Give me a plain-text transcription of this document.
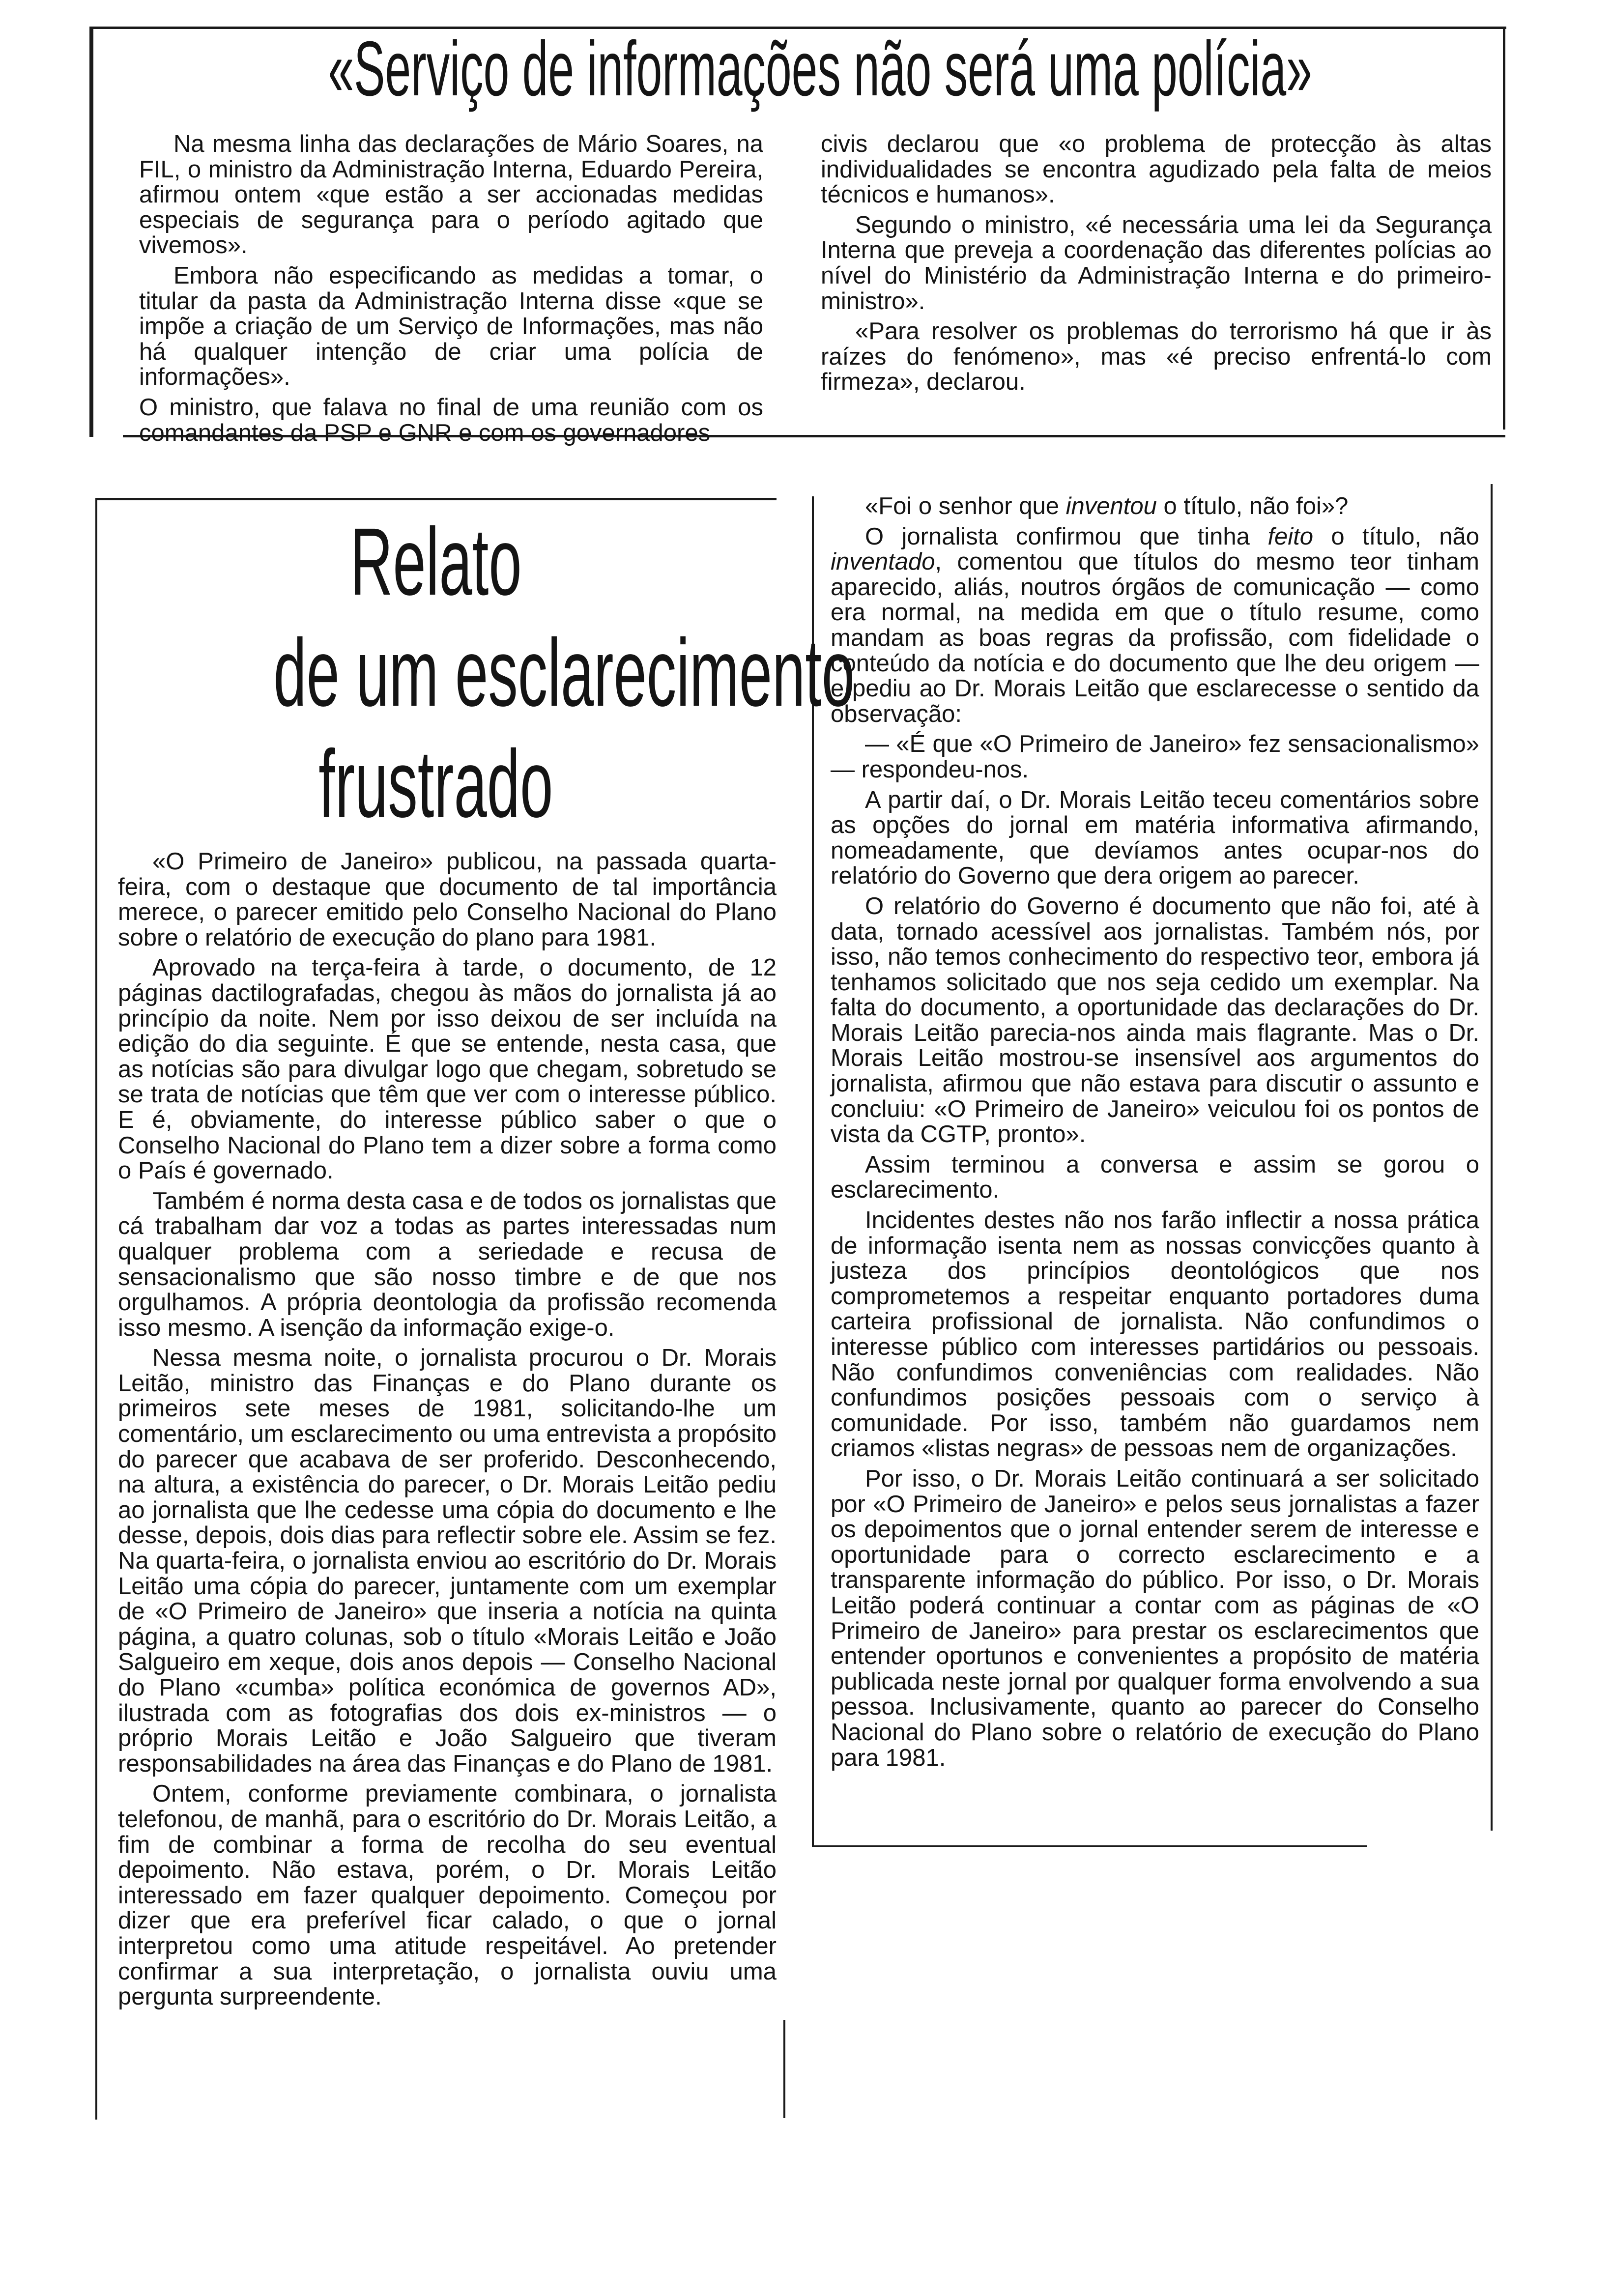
«Serviço de informações não será uma polícia»

Na mesma linha das declarações de Mário Soares, na FIL, o ministro da Administração Interna, Eduardo Pereira, afirmou ontem «que estão a ser accionadas medidas especiais de segurança para o período agitado que vivemos».

Embora não especificando as medidas a tomar, o titular da pasta da Administração Interna disse «que se impõe a criação de um Serviço de Informações, mas não há qualquer intenção de criar uma polícia de informações».

O ministro, que falava no final de uma reunião com os comandantes da PSP e GNR e com os governadores

civis declarou que «o problema de protecção às altas individualidades se encontra agudizado pela falta de meios técnicos e humanos».

Segundo o ministro, «é necessária uma lei da Segurança Interna que preveja a coordenação das diferentes polícias ao nível do Ministério da Administração Interna e do primeiro-ministro».

«Para resolver os problemas do terrorismo há que ir às raízes do fenómeno», mas «é preciso enfrentá-lo com firmeza», declarou.

Relato
de um esclarecimento
frustrado

«O Primeiro de Janeiro» publicou, na passada quarta-feira, com o destaque que documento de tal importância merece, o parecer emitido pelo Conselho Nacional do Plano sobre o relatório de execução do plano para 1981.

Aprovado na terça-feira à tarde, o documento, de 12 páginas dactilografadas, chegou às mãos do jornalista já ao princípio da noite. Nem por isso deixou de ser incluída na edição do dia seguinte. É que se entende, nesta casa, que as notícias são para divulgar logo que chegam, sobretudo se se trata de notícias que têm que ver com o interesse público. E é, obviamente, do interesse público saber o que o Conselho Nacional do Plano tem a dizer sobre a forma como o País é governado.

Também é norma desta casa e de todos os jornalistas que cá trabalham dar voz a todas as partes interessadas num qualquer problema com a seriedade e recusa de sensacionalismo que são nosso timbre e de que nos orgulhamos. A própria deontologia da profissão recomenda isso mesmo. A isenção da informação exige-o.

Nessa mesma noite, o jornalista procurou o Dr. Morais Leitão, ministro das Finanças e do Plano durante os primeiros sete meses de 1981, solicitando-lhe um comentário, um esclarecimento ou uma entrevista a propósito do parecer que acabava de ser proferido. Desconhecendo, na altura, a existência do parecer, o Dr. Morais Leitão pediu ao jornalista que lhe cedesse uma cópia do documento e lhe desse, depois, dois dias para reflectir sobre ele. Assim se fez. Na quarta-feira, o jornalista enviou ao escritório do Dr. Morais Leitão uma cópia do parecer, juntamente com um exemplar de «O Primeiro de Janeiro» que inseria a notícia na quinta página, a quatro colunas, sob o título «Morais Leitão e João Salgueiro em xeque, dois anos depois — Conselho Nacional do Plano «cumba» política económica de governos AD», ilustrada com as fotografias dos dois ex-ministros — o próprio Morais Leitão e João Salgueiro que tiveram responsabilidades na área das Finanças e do Plano de 1981.

Ontem, conforme previamente combinara, o jornalista telefonou, de manhã, para o escritório do Dr. Morais Leitão, a fim de combinar a forma de recolha do seu eventual depoimento. Não estava, porém, o Dr. Morais Leitão interessado em fazer qualquer depoimento. Começou por dizer que era preferível ficar calado, o que o jornal interpretou como uma atitude respeitável. Ao pretender confirmar a sua interpretação, o jornalista ouviu uma pergunta surpreendente.

«Foi o senhor que inventou o título, não foi»?

O jornalista confirmou que tinha feito o título, não inventado, comentou que títulos do mesmo teor tinham aparecido, aliás, noutros órgãos de comunicação — como era normal, na medida em que o título resume, como mandam as boas regras da profissão, com fidelidade o conteúdo da notícia e do documento que lhe deu origem — e pediu ao Dr. Morais Leitão que esclarecesse o sentido da observação:

— «É que «O Primeiro de Janeiro» fez sensacionalismo» — respondeu-nos.

A partir daí, o Dr. Morais Leitão teceu comentários sobre as opções do jornal em matéria informativa afirmando, nomeadamente, que devíamos antes ocupar-nos do relatório do Governo que dera origem ao parecer.

O relatório do Governo é documento que não foi, até à data, tornado acessível aos jornalistas. Também nós, por isso, não temos conhecimento do respectivo teor, embora já tenhamos solicitado que nos seja cedido um exemplar. Na falta do documento, a oportunidade das declarações do Dr. Morais Leitão parecia-nos ainda mais flagrante. Mas o Dr. Morais Leitão mostrou-se insensível aos argumentos do jornalista, afirmou que não estava para discutir o assunto e concluiu: «O Primeiro de Janeiro» veiculou foi os pontos de vista da CGTP, pronto».

Assim terminou a conversa e assim se gorou o esclarecimento.

Incidentes destes não nos farão inflectir a nossa prática de informação isenta nem as nossas convicções quanto à justeza dos princípios deontológicos que nos comprometemos a respeitar enquanto portadores duma carteira profissional de jornalista. Não confundimos o interesse público com interesses partidários ou pessoais. Não confundimos conveniências com realidades. Não confundimos posições pessoais com o serviço à comunidade. Por isso, também não guardamos nem criamos «listas negras» de pessoas nem de organizações.

Por isso, o Dr. Morais Leitão continuará a ser solicitado por «O Primeiro de Janeiro» e pelos seus jornalistas a fazer os depoimentos que o jornal entender serem de interesse e oportunidade para o correcto esclarecimento e a transparente informação do público. Por isso, o Dr. Morais Leitão poderá continuar a contar com as páginas de «O Primeiro de Janeiro» para prestar os esclarecimentos que entender oportunos e convenientes a propósito de matéria publicada neste jornal por qualquer forma envolvendo a sua pessoa. Inclusivamente, quanto ao parecer do Conselho Nacional do Plano sobre o relatório de execução do Plano para 1981.
